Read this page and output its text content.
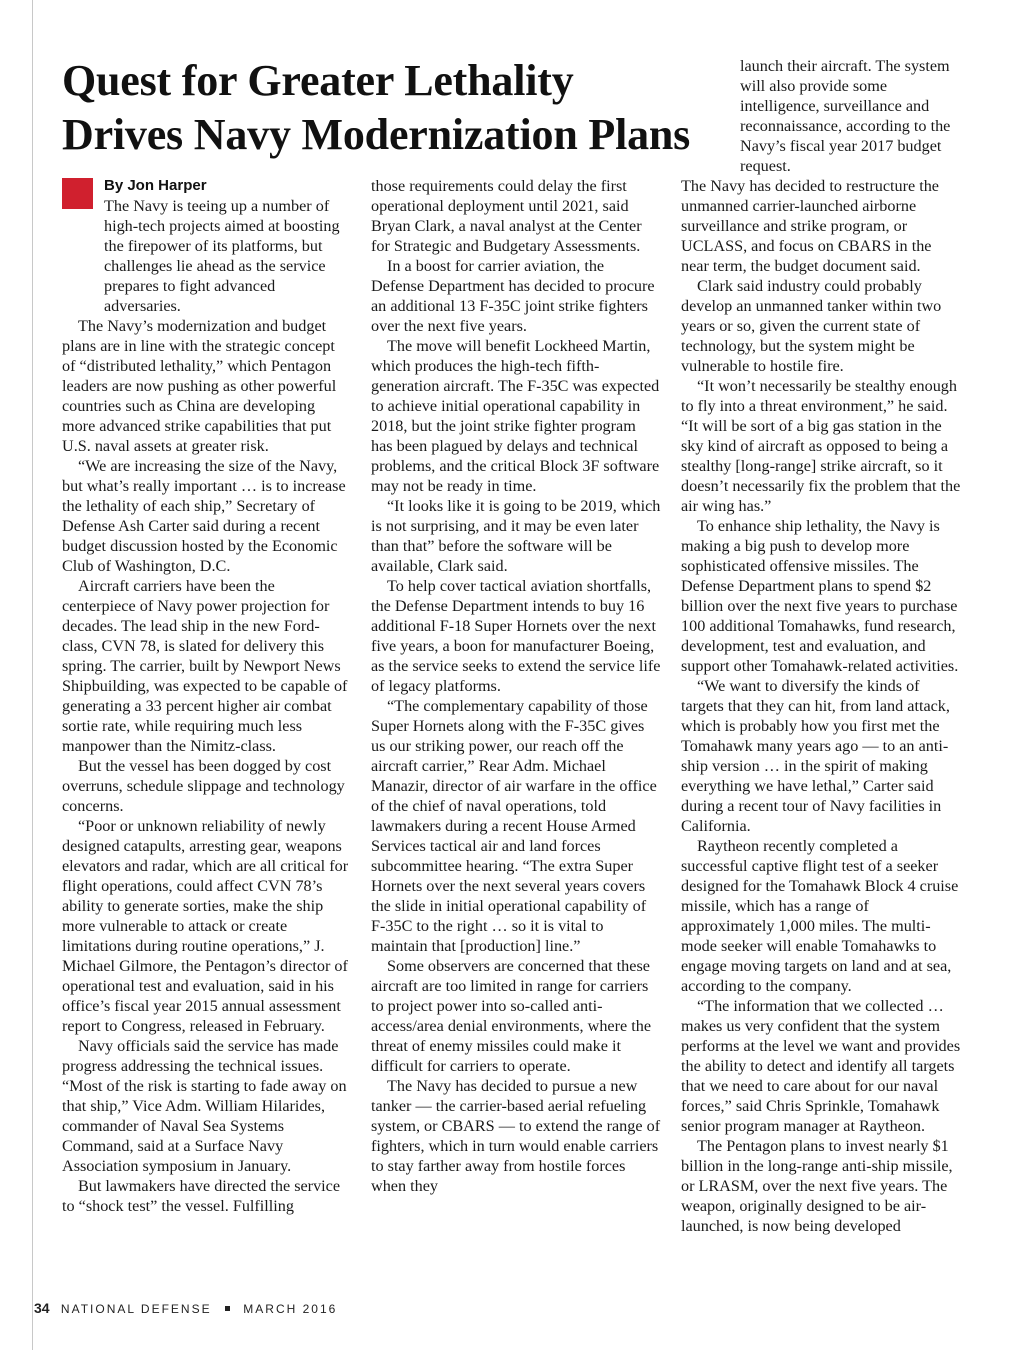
Quest for Greater Lethality
Drives Navy Modernization Plans
By Jon Harper

The Navy is teeing up a number of high-tech projects aimed at boosting the firepower of its platforms, but challenges lie ahead as the service prepares to fight advanced adversaries.

The Navy’s modernization and budget plans are in line with the strategic concept of “distributed lethality,” which Pentagon leaders are now pushing as other powerful countries such as China are developing more advanced strike capabilities that put U.S. naval assets at greater risk.

“We are increasing the size of the Navy, but what’s really important … is to increase the lethality of each ship,” Secretary of Defense Ash Carter said during a recent budget discussion hosted by the Economic Club of Washington, D.C.

Aircraft carriers have been the centerpiece of Navy power projection for decades. The lead ship in the new Ford-class, CVN 78, is slated for delivery this spring. The carrier, built by Newport News Shipbuilding, was expected to be capable of generating a 33 percent higher air combat sortie rate, while requiring much less manpower than the Nimitz-class.

But the vessel has been dogged by cost overruns, schedule slippage and technology concerns.

“Poor or unknown reliability of newly designed catapults, arresting gear, weapons elevators and radar, which are all critical for flight operations, could affect CVN 78’s ability to generate sorties, make the ship more vulnerable to attack or create limitations during routine operations,” J. Michael Gilmore, the Pentagon’s director of operational test and evaluation, said in his office’s fiscal year 2015 annual assessment report to Congress, released in February.

Navy officials said the service has made progress addressing the technical issues. “Most of the risk is starting to fade away on that ship,” Vice Adm. William Hilarides, commander of Naval Sea Systems Command, said at a Surface Navy Association symposium in January.

But lawmakers have directed the service to “shock test” the vessel. Fulfilling

those requirements could delay the first operational deployment until 2021, said Bryan Clark, a naval analyst at the Center for Strategic and Budgetary Assessments.

In a boost for carrier aviation, the Defense Department has decided to procure an additional 13 F-35C joint strike fighters over the next five years.

The move will benefit Lockheed Martin, which produces the high-tech fifth-generation aircraft. The F-35C was expected to achieve initial operational capability in 2018, but the joint strike fighter program has been plagued by delays and technical problems, and the critical Block 3F software may not be ready in time.

“It looks like it is going to be 2019, which is not surprising, and it may be even later than that” before the software will be available, Clark said.

To help cover tactical aviation shortfalls, the Defense Department intends to buy 16 additional F-18 Super Hornets over the next five years, a boon for manufacturer Boeing, as the service seeks to extend the service life of legacy platforms.

“The complementary capability of those Super Hornets along with the F-35C gives us our striking power, our reach off the aircraft carrier,” Rear Adm. Michael Manazir, director of air warfare in the office of the chief of naval operations, told lawmakers during a recent House Armed Services tactical air and land forces subcommittee hearing. “The extra Super Hornets over the next several years covers the slide in initial operational capability of F-35C to the right … so it is vital to maintain that [production] line.”

Some observers are concerned that these aircraft are too limited in range for carriers to project power into so-called anti-access/area denial environments, where the threat of enemy missiles could make it difficult for carriers to operate.

The Navy has decided to pursue a new tanker — the carrier-based aerial refueling system, or CBARS — to extend the range of fighters, which in turn would enable carriers to stay farther away from hostile forces when they

launch their aircraft. The system will also provide some intelligence, surveillance and reconnaissance, according to the Navy’s fiscal year 2017 budget request.

The Navy has decided to restructure the unmanned carrier-launched airborne surveillance and strike program, or UCLASS, and focus on CBARS in the near term, the budget document said.

Clark said industry could probably develop an unmanned tanker within two years or so, given the current state of technology, but the system might be vulnerable to hostile fire.

“It won’t necessarily be stealthy enough to fly into a threat environment,” he said. “It will be sort of a big gas station in the sky kind of aircraft as opposed to being a stealthy [long-range] strike aircraft, so it doesn’t necessarily fix the problem that the air wing has.”

To enhance ship lethality, the Navy is making a big push to develop more sophisticated offensive missiles. The Defense Department plans to spend $2 billion over the next five years to purchase 100 additional Tomahawks, fund research, development, test and evaluation, and support other Tomahawk-related activities.

“We want to diversify the kinds of targets that they can hit, from land attack, which is probably how you first met the Tomahawk many years ago — to an anti-ship version … in the spirit of making everything we have lethal,” Carter said during a recent tour of Navy facilities in California.

Raytheon recently completed a successful captive flight test of a seeker designed for the Tomahawk Block 4 cruise missile, which has a range of approximately 1,000 miles. The multi-mode seeker will enable Tomahawks to engage moving targets on land and at sea, according to the company.

“The information that we collected … makes us very confident that the system performs at the level we want and provides the ability to detect and identify all targets that we need to care about for our naval forces,” said Chris Sprinkle, Tomahawk senior program manager at Raytheon.

The Pentagon plans to invest nearly $1 billion in the long-range anti-ship missile, or LRASM, over the next five years. The weapon, originally designed to be air-launched, is now being developed

34 NATIONAL DEFENSE	MARCH 2016
